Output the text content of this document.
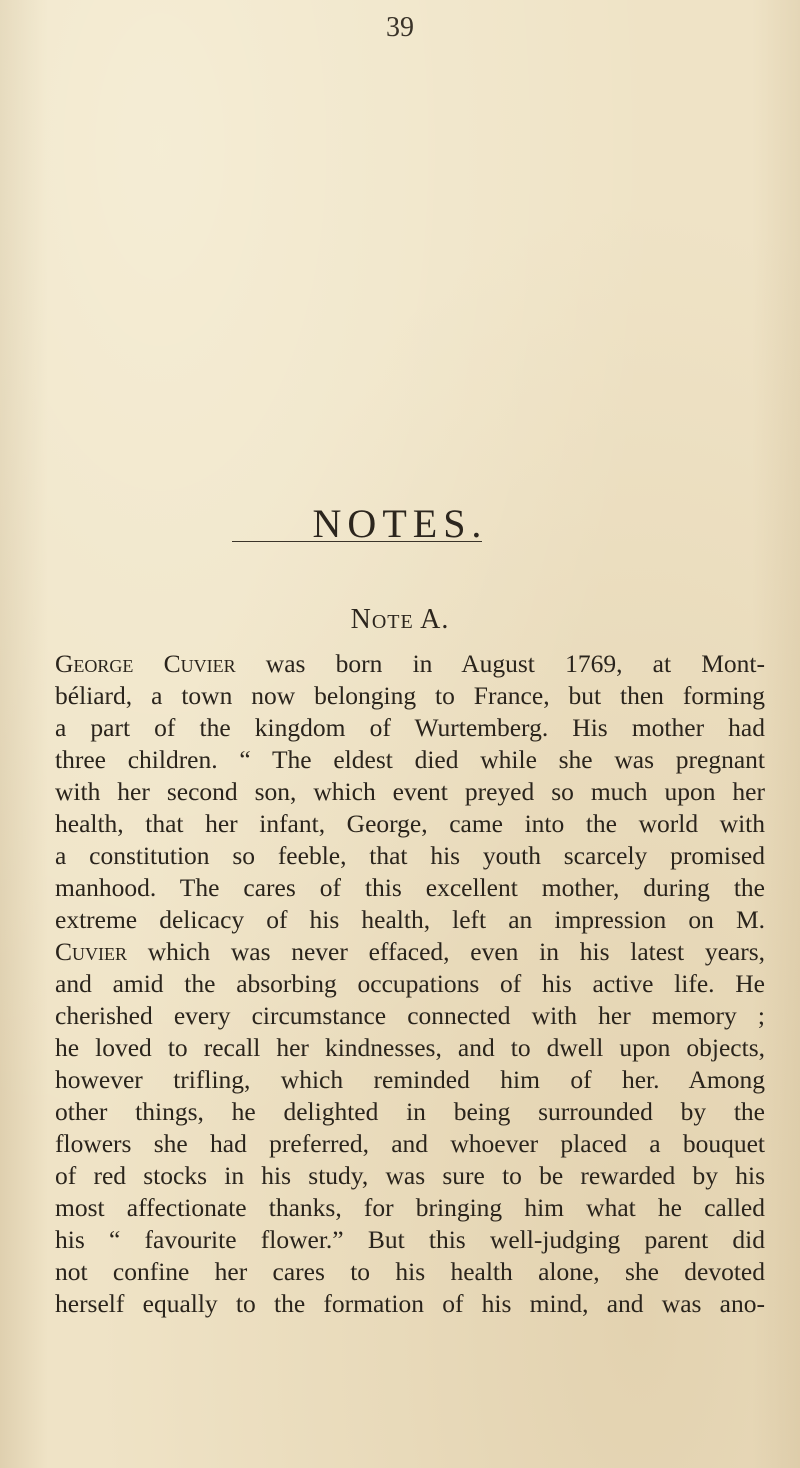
39
NOTES.
Note A.
George Cuvier was born in August 1769, at Mont-
béliard, a town now belonging to France, but then forming
a part of the kingdom of Wurtemberg. His mother had
three children. “ The eldest died while she was pregnant
with her second son, which event preyed so much upon her
health, that her infant, George, came into the world with
a constitution so feeble, that his youth scarcely promised
manhood. The cares of this excellent mother, during the
extreme delicacy of his health, left an impression on M.
Cuvier which was never effaced, even in his latest years,
and amid the absorbing occupations of his active life. He
cherished every circumstance connected with her memory ;
he loved to recall her kindnesses, and to dwell upon objects,
however trifling, which reminded him of her. Among
other things, he delighted in being surrounded by the
flowers she had preferred, and whoever placed a bouquet
of red stocks in his study, was sure to be rewarded by his
most affectionate thanks, for bringing him what he called
his “ favourite flower.” But this well-judging parent did
not confine her cares to his health alone, she devoted
herself equally to the formation of his mind, and was ano-
